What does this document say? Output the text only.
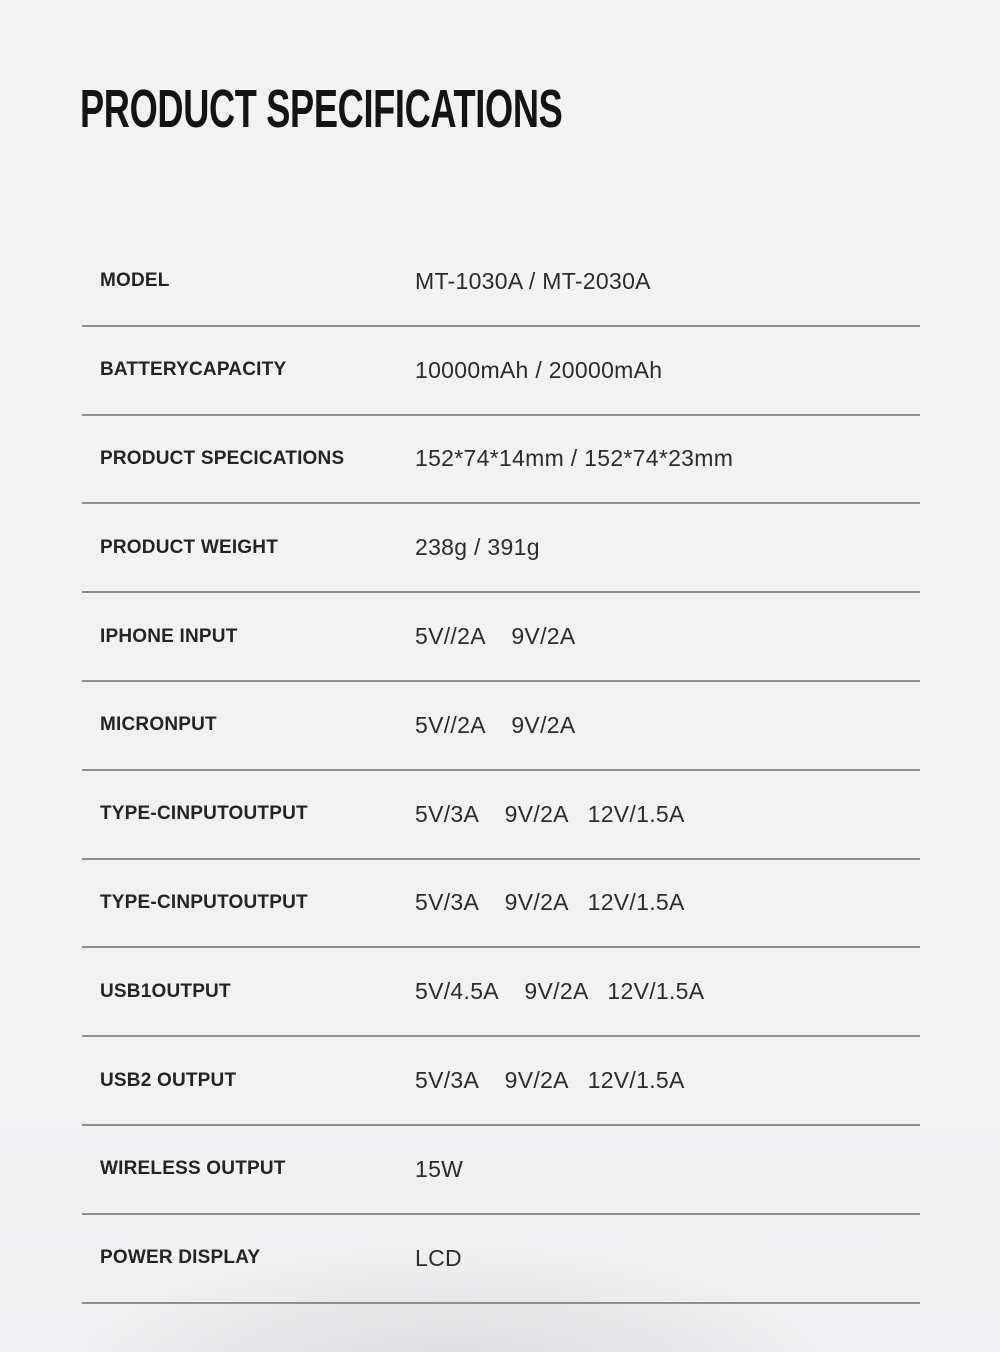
PRODUCT SPECIFICATIONS
MODEL	MT-1030A / MT-2030A
BATTERYCAPACITY	10000mAh / 20000mAh
PRODUCT SPECICATIONS	152*74*14mm / 152*74*23mm
PRODUCT WEIGHT	238g / 391g
IPHONE INPUT	5V//2A    9V/2A
MICRONPUT	5V//2A    9V/2A
TYPE-CINPUTOUTPUT	5V/3A    9V/2A   12V/1.5A
TYPE-CINPUTOUTPUT	5V/3A    9V/2A   12V/1.5A
USB1OUTPUT	5V/4.5A    9V/2A   12V/1.5A
USB2 OUTPUT	5V/3A    9V/2A   12V/1.5A
WIRELESS OUTPUT	15W
POWER DISPLAY	LCD
